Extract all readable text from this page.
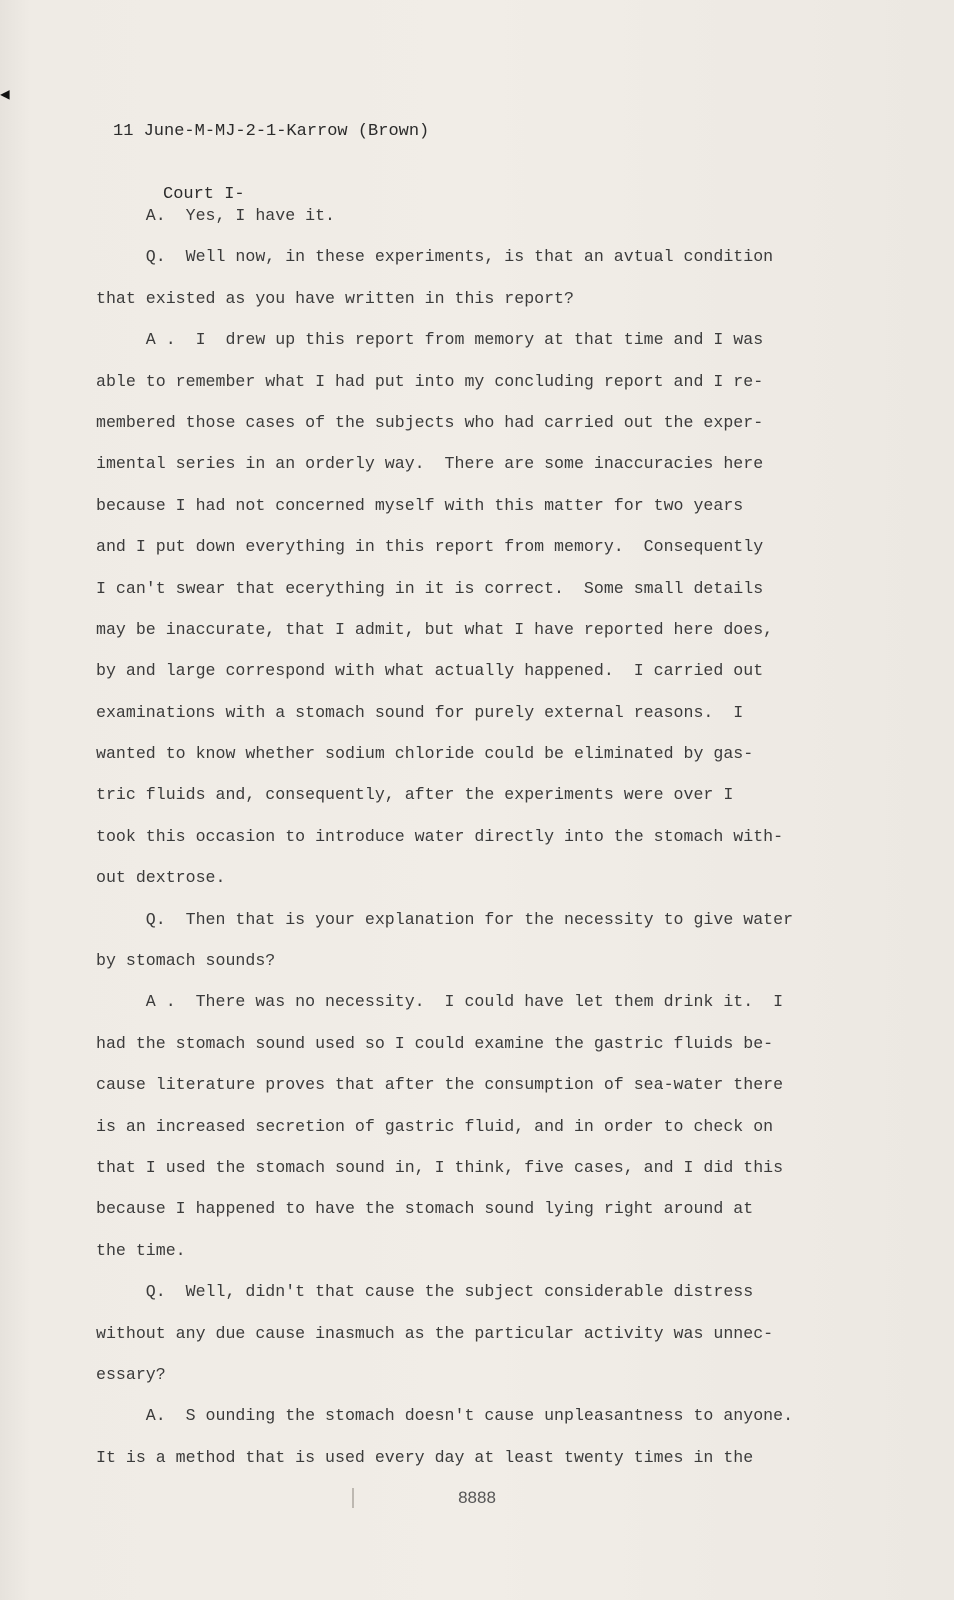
◀

11 June-M-MJ-2-1-Karrow (Brown)

Court I-

A.  Yes, I have it.
Q.  Well now, in these experiments, is that an avtual condition
that existed as you have written in this report?
A .  I  drew up this report from memory at that time and I was
able to remember what I had put into my concluding report and I re-
membered those cases of the subjects who had carried out the exper-
imental series in an orderly way.  There are some inaccuracies here
because I had not concerned myself with this matter for two years
and I put down everything in this report from memory.  Consequently
I can't swear that ecerything in it is correct.  Some small details
may be inaccurate, that I admit, but what I have reported here does,
by and large correspond with what actually happened.  I carried out
examinations with a stomach sound for purely external reasons.  I
wanted to know whether sodium chloride could be eliminated by gas-
tric fluids and, consequently, after the experiments were over I
took this occasion to introduce water directly into the stomach with-
out dextrose.
Q.  Then that is your explanation for the necessity to give water
by stomach sounds?
A .  There was no necessity.  I could have let them drink it.  I
had the stomach sound used so I could examine the gastric fluids be-
cause literature proves that after the consumption of sea-water there
is an increased secretion of gastric fluid, and in order to check on
that I used the stomach sound in, I think, five cases, and I did this
because I happened to have the stomach sound lying right around at
the time.
Q.  Well, didn't that cause the subject considerable distress
without any due cause inasmuch as the particular activity was unnec-
essary?
A.  S ounding the stomach doesn't cause unpleasantness to anyone.
It is a method that is used every day at least twenty times in the
8888
